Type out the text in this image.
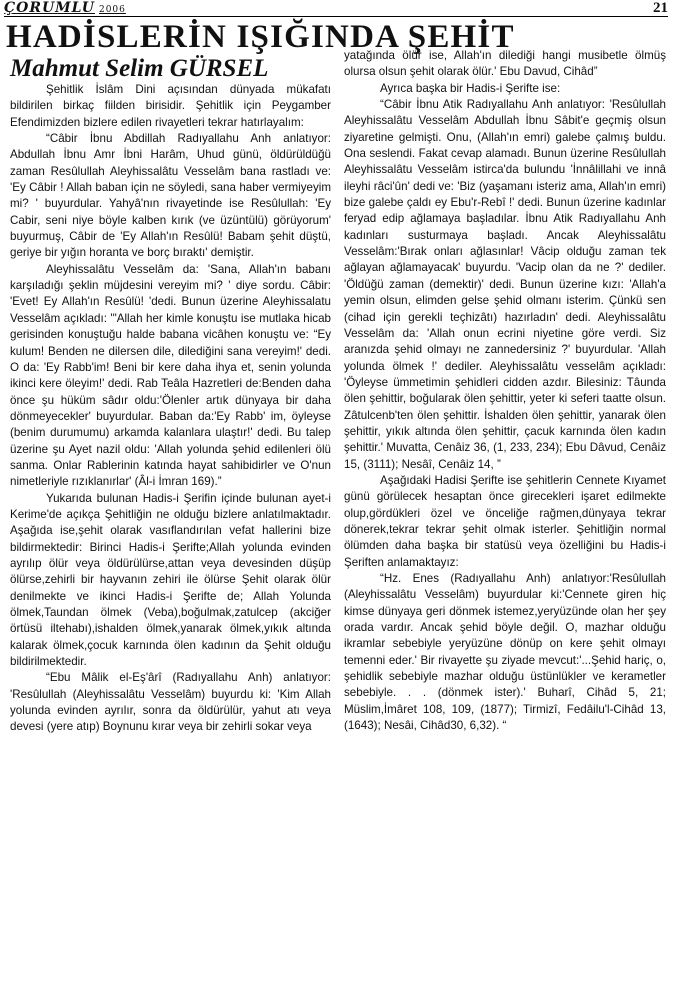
ÇORUMLU 2006	21
HADİSLERİN IŞIĞINDA ŞEHİT
Mahmut Selim GÜRSEL

Şehitlik İslâm Dini açısından dünyada mükafatı bildirilen birkaç fiilden birisidir. Şehitlik için Peygamber Efendimizden bizlere edilen rivayetleri tekrar hatırlayalım:

“Câbir İbnu Abdillah Radıyallahu Anh anlatıyor: Abdullah İbnu Amr İbni Harâm, Uhud günü, öldürüldüğü zaman Resûlullah Aleyhissalâtu Vesselâm bana rastladı ve: 'Ey Câbir ! Allah baban için ne söyledi, sana haber vermiyeyim mi? ' buyurdular. Yahyâ'nın rivayetinde ise Resûlullah: 'Ey Cabir, seni niye böyle kalben kırık (ve üzüntülü) görüyorum' buyurmuş, Câbir de 'Ey Allah'ın Resûlü! Babam şehit düştü, geriye bir yığın horanta ve borç bıraktı' demiştir.

Aleyhissalâtu Vesselâm da: 'Sana, Allah'ın babanı karşıladığı şeklin müjdesini vereyim mi? ' diye sordu. Câbir: 'Evet! Ey Allah'ın Resûlü! 'dedi. Bunun üzerine Aleyhissalatu Vesselâm açıkladı: '"Allah her kimle konuştu ise mutlaka hicab gerisinden konuştuğu halde babana vicâhen konuştu ve: “Ey kulum! Benden ne dilersen dile, dilediğini sana vereyim!' dedi. O da: 'Ey Rabb'im! Beni bir kere daha ihya et, senin yolunda ikinci kere öleyim!' dedi. Rab Teâla Hazretleri de:Benden daha önce şu hüküm sâdır oldu:'Ölenler artık dünyaya bir daha dönmeyecekler' buyurdular. Baban da:'Ey Rabb' im, öyleyse (benim durumumu) arkamda kalanlara ulaştır!' dedi. Bu talep üzerine şu Ayet nazil oldu: 'Allah yolunda şehid edilenleri ölü sanma. Onlar Rablerinin katında hayat sahibidirler ve O'nun nimetleriyle rızıklanırlar' (Âl-i İmran 169).”

Yukarıda bulunan Hadis-i Şerifin içinde bulunan ayet-i Kerime'de açıkça Şehitliğin ne olduğu bizlere anlatılmaktadır. Aşağıda ise,şehit olarak vasıflandırılan vefat hallerini bize bildirmektedir: Birinci Hadis-i Şerifte;Allah yolunda evinden ayrılıp ölür veya öldürülürse,attan veya devesinden düşüp ölürse,zehirli bir hayvanın zehiri ile ölürse Şehit olarak ölür denilmekte ve ikinci Hadis-i Şerifte de; Allah Yolunda ölmek,Taundan ölmek (Veba),boğulmak,zatulcep (akciğer örtüsü iltehabı),ishalden ölmek,yanarak ölmek,yıkık altında kalarak ölmek,çocuk karnında ölen kadının da Şehit olduğu bildirilmektedir.

“Ebu Mâlik el-Eş'ârî (Radıyallahu Anh) anlatıyor: 'Resûlullah (Aleyhissalâtu Vesselâm) buyurdu ki: 'Kim Allah yolunda evinden ayrılır, sonra da öldürülür, yahut atı veya devesi (yere atıp) Boynunu kırar veya bir zehirli sokar veya

yatağında ölür ise, Allah'ın dilediği hangi musibetle ölmüş olursa olsun şehit olarak ölür.' Ebu Davud, Cihâd”

Ayrıca başka bir Hadis-i Şerifte ise:

“Câbir İbnu Atik Radıyallahu Anh anlatıyor: 'Resûlullah Aleyhissalâtu Vesselâm Abdullah İbnu Sâbit'e geçmiş olsun ziyaretine gelmişti. Onu, (Allah'ın emri) galebe çalmış buldu. Ona seslendi. Fakat cevap alamadı. Bunun üzerine Resûlullah Aleyhissalâtu Vesselâm istirca'da bulundu 'İnnâlillahi ve innâ ileyhi râci'ûn' dedi ve: 'Biz (yaşamanı isteriz ama, Allah'ın emri) bize galebe çaldı ey Ebu'r-Rebî !' dedi. Bunun üzerine kadınlar feryad edip ağlamaya başladılar. İbnu Atik Radıyallahu Anh kadınları susturmaya başladı. Ancak Aleyhissalâtu Vesselâm:'Bırak onları ağlasınlar! Vâcip olduğu zaman tek ağlayan ağlamayacak' buyurdu. 'Vacip olan da ne ?' dediler. 'Öldüğü zaman (demektir)' dedi. Bunun üzerine kızı: 'Allah'a yemin olsun, elimden gelse şehid olmanı isterim. Çünkü sen (cihad için gerekli teçhizâtı) hazırladın' dedi. Aleyhissalâtu Vesselâm da: 'Allah onun ecrini niyetine göre verdi. Siz aranızda şehid olmayı ne zannedersiniz ?' buyurdular. 'Allah yolunda ölmek !' dediler. Aleyhissalâtu vesselâm açıkladı: 'Öyleyse ümmetimin şehidleri cidden azdır. Bilesiniz: Tâunda ölen şehittir, boğularak ölen şehittir, yeter ki seferi taatte olsun. Zâtulcenb'ten ölen şehittir. İshalden ölen şehittir, yanarak ölen şehittir, yıkık altında ölen şehittir, çacuk karnında ölen kadın şehittir.' Muvatta, Cenâiz 36, (1, 233, 234); Ebu Dâvud, Cenâiz 15, (3111); Nesâî, Cenâiz 14, ”

Aşağıdaki Hadisi Şerifte ise şehitlerin Cennete Kıyamet günü görülecek hesaptan önce girecekleri işaret edilmekte olup,gördükleri özel ve önceliğe rağmen,dünyaya tekrar dönerek,tekrar tekrar şehit olmak isterler. Şehitliğin normal ölümden daha başka bir statüsü veya özelliğini bu Hadis-i Şeriften anlamaktayız:

“Hz. Enes (Radıyallahu Anh) anlatıyor:'Resûlullah (Aleyhissalâtu Vesselâm) buyurdular ki:'Cennete giren hiç kimse dünyaya geri dönmek istemez,yeryüzünde olan her şey orada vardır. Ancak şehid böyle değil. O, mazhar olduğu ikramlar sebebiyle yeryüzüne dönüp on kere şehit olmayı temenni eder.' Bir rivayette şu ziyade mevcut:'...Şehid hariç, o, şehidlik sebebiyle mazhar olduğu üstünlükler ve kerametler sebebiyle. . . (dönmek ister).' Buharî, Cihâd 5, 21; Müslim,İmâret 108, 109, (1877); Tirmizî, Fedâilu'l-Cihâd 13, (1643); Nesâi, Cihâd30, 6,32). “
